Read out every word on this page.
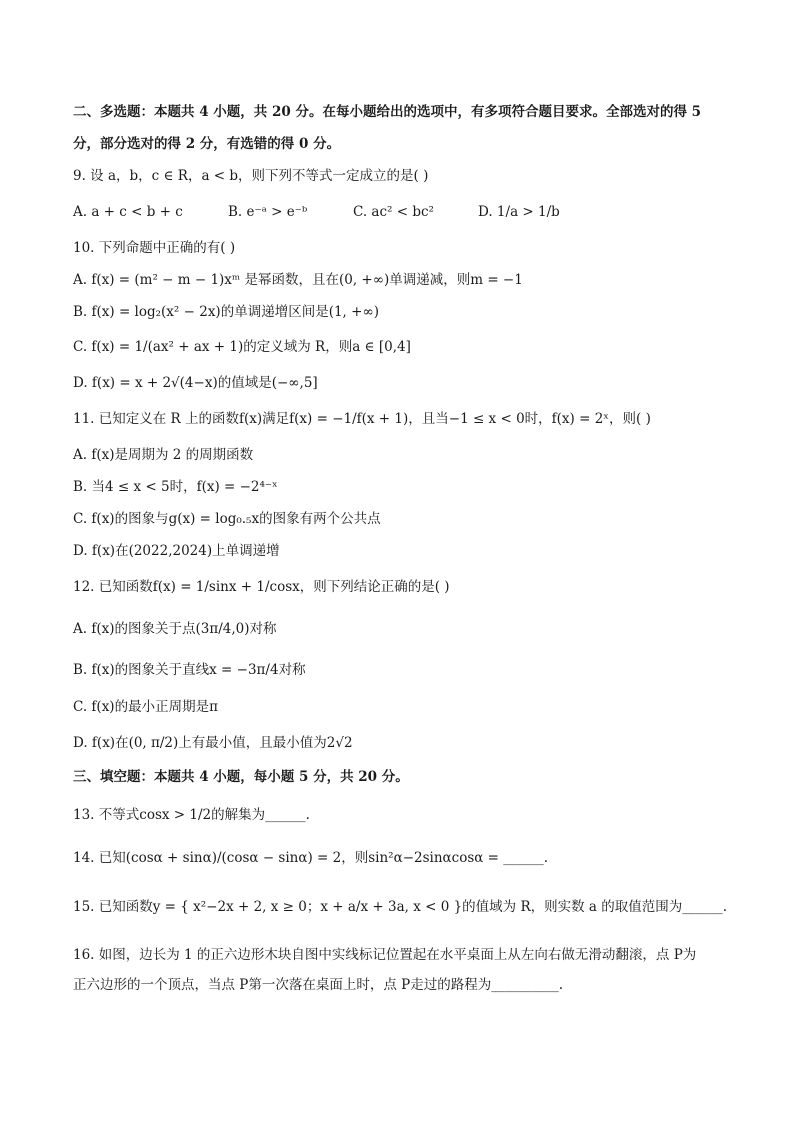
二、多选题：本题共 4 小题，共 20 分。在每小题给出的选项中，有多项符合题目要求。全部选对的得 5
分，部分选对的得 2 分，有选错的得 0 分。
9. 设 a，b，c ∈ R，a < b，则下列不等式一定成立的是( )
A. a + c < b + c	B. e⁻ᵃ > e⁻ᵇ	C. ac² < bc²	D. 1/a > 1/b
10. 下列命题中正确的有( )
A. f(x) = (m² − m − 1)xᵐ 是幂函数，且在(0, +∞)单调递减，则m = −1
B. f(x) = log₂(x² − 2x)的单调递增区间是(1, +∞)
C. f(x) = 1/(ax² + ax + 1)的定义域为 R，则a ∈ [0,4]
D. f(x) = x + 2√(4−x)的值域是(−∞,5]
11. 已知定义在 R 上的函数f(x)满足f(x) = −1/f(x + 1)，且当−1 ≤ x < 0时，f(x) = 2ˣ，则( )
A. f(x)是周期为 2 的周期函数
B. 当4 ≤ x < 5时，f(x) = −2⁴⁻ˣ
C. f(x)的图象与g(x) = log₀.₅x的图象有两个公共点
D. f(x)在(2022,2024)上单调递增
12. 已知函数f(x) = 1/sinx + 1/cosx，则下列结论正确的是( )
A. f(x)的图象关于点(3π/4,0)对称
B. f(x)的图象关于直线x = −3π/4对称
C. f(x)的最小正周期是π
D. f(x)在(0, π/2)上有最小值，且最小值为2√2
三、填空题：本题共 4 小题，每小题 5 分，共 20 分。
13. 不等式cosx > 1/2的解集为______.
14. 已知(cosα + sinα)/(cosα − sinα) = 2，则sin²α−2sinαcosα = ______.
15. 已知函数y = { x²−2x + 2, x ≥ 0；x + a/x + 3a, x < 0 }的值域为 R，则实数 a 的取值范围为______.
16. 如图，边长为 1 的正六边形木块自图中实线标记位置起在水平桌面上从左向右做无滑动翻滚，点 P为
正六边形的一个顶点，当点 P第一次落在桌面上时，点 P走过的路程为__________.
